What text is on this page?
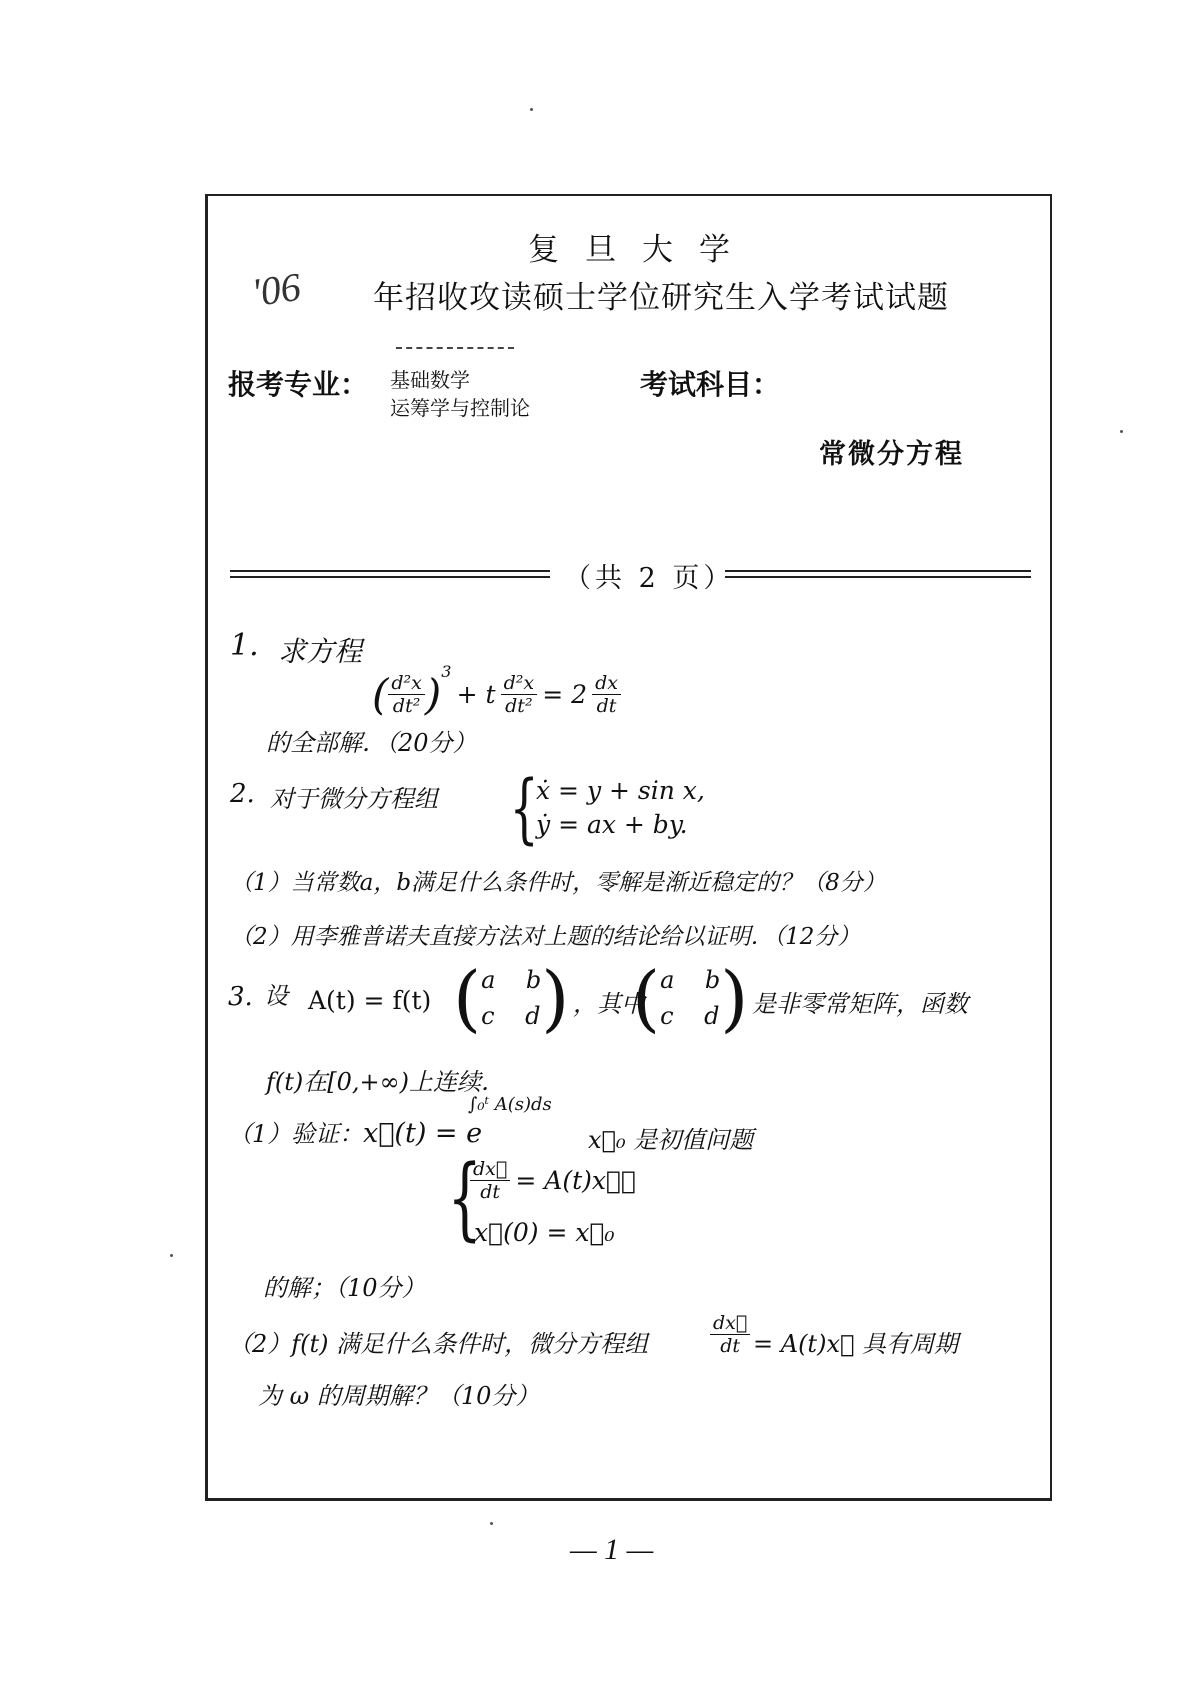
复旦大学
'06 年招收攻读硕士学位研究生入学考试试题
报考专业： 基础数学
运筹学与控制论
考试科目：
常微分方程
（共 2 页）
1. 求方程
( $\frac{\text{d²x}}{\text{dt²}} )^3 + t \frac{\text{d²x}}{\text{dt²}} = 2 \frac{dx}{dt}$
的全部解．（20分）
2. 对于微分方程组 {
ẋ = y + sin x,
ẏ = ax + by.
（1）当常数a，b满足什么条件时，零解是渐近稳定的？（8分）
（2）用李雅普诺夫直接方法对上题的结论给以证明．（12分）
3. 设 A(t) = f(t) (a b
c d) ，其中
(a b
c d) 是非零常矩阵，函数
f(t)在[0,+∞)上连续．
（1）验证： x⃗(t) = e
∫₀ᵗ A(s)ds
x⃗₀ 是初值问题
{
$\frac{dx⃗}{dt}$ = A(t)x⃗，
x⃗(0) = x⃗₀
的解；（10分）
（2）f(t) 满足什么条件时，微分方程组	$\frac{dx⃗}{dt}$ = A(t)x⃗ 具有周期
为 ω 的周期解？（10分）
— 1 —
